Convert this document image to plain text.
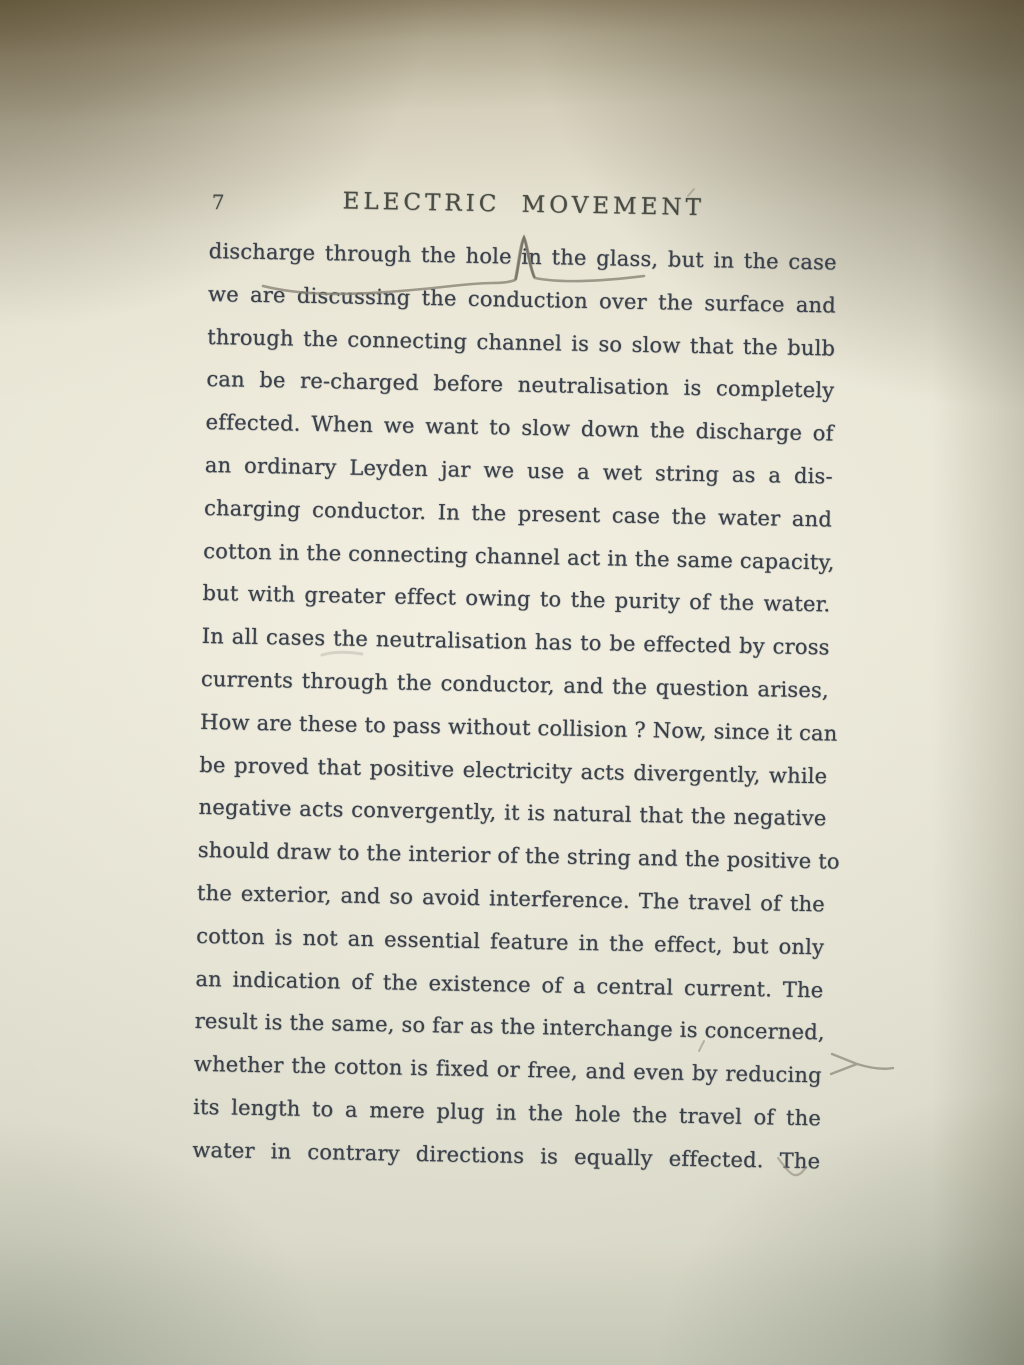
7	ELECTRIC MOVEMENT
discharge through the hole in the glass, but in the case
we are discussing the conduction over the surface and
through the connecting channel is so slow that the bulb
can be re-charged before neutralisation is completely
effected. When we want to slow down the discharge of
an ordinary Leyden jar we use a wet string as a dis-
charging conductor. In the present case the water and
cotton in the connecting channel act in the same capacity,
but with greater effect owing to the purity of the water.
In all cases the neutralisation has to be effected by cross
currents through the conductor, and the question arises,
How are these to pass without collision ? Now, since it can
be proved that positive electricity acts divergently, while
negative acts convergently, it is natural that the negative
should draw to the interior of the string and the positive to
the exterior, and so avoid interference. The travel of the
cotton is not an essential feature in the effect, but only
an indication of the existence of a central current. The
result is the same, so far as the interchange is concerned,
whether the cotton is fixed or free, and even by reducing
its length to a mere plug in the hole the travel of the
water in contrary directions is equally effected. The
